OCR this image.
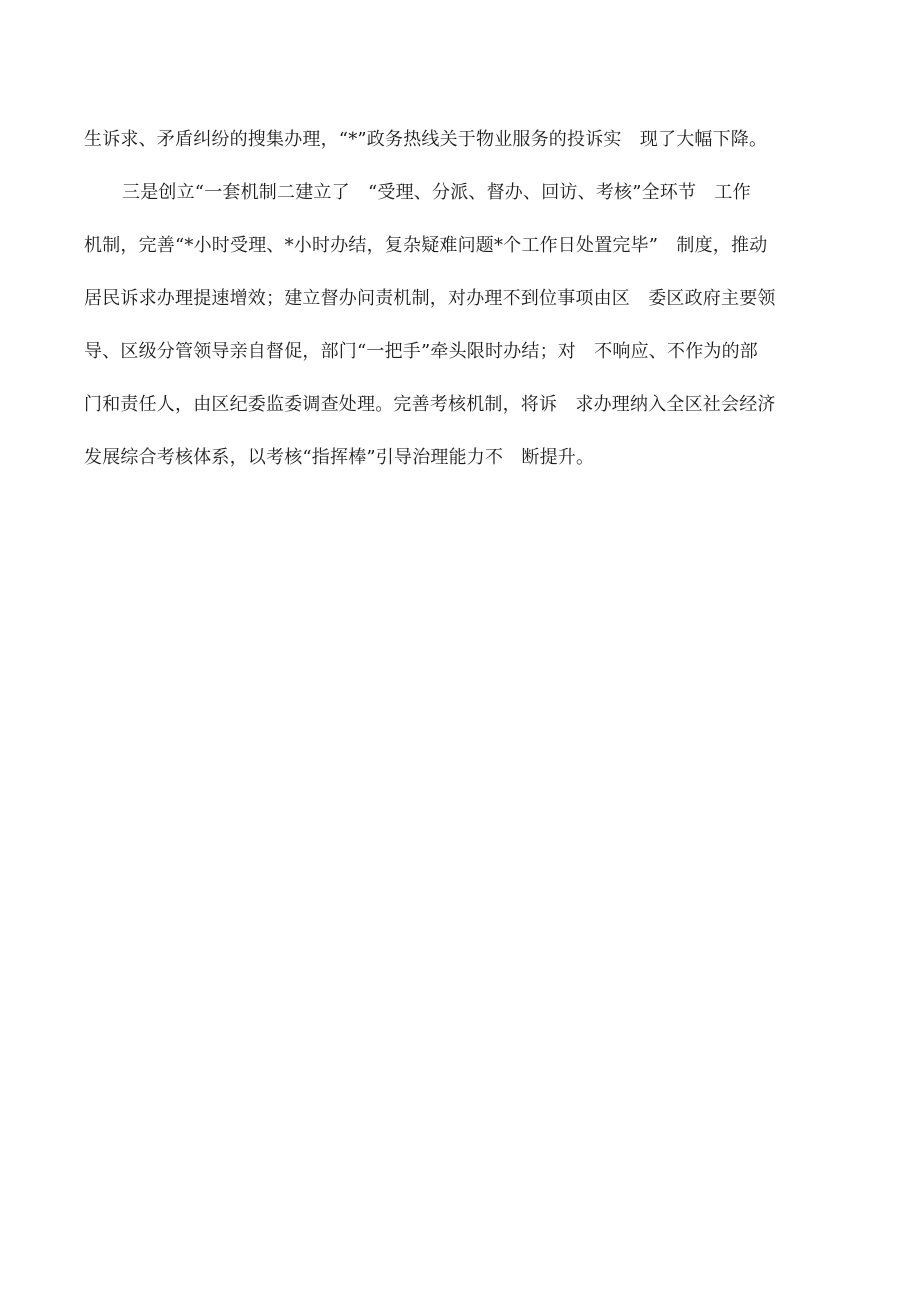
生诉求、矛盾纠纷的搜集办理，“*”政务热线关于物业服务的投诉实　现了大幅下降。
三是创立“一套机制二建立了　“受理、分派、督办、回访、考核”全环节　工作
机制，完善“*小时受理、*小时办结，复杂疑难问题*个工作日处置完毕”　制度，推动
居民诉求办理提速增效；建立督办问责机制，对办理不到位事项由区　委区政府主要领
导、区级分管领导亲自督促，部门“一把手”牵头限时办结；对　不响应、不作为的部
门和责任人，由区纪委监委调查处理。完善考核机制，将诉　求办理纳入全区社会经济
发展综合考核体系，以考核“指挥棒”引导治理能力不　断提升。
